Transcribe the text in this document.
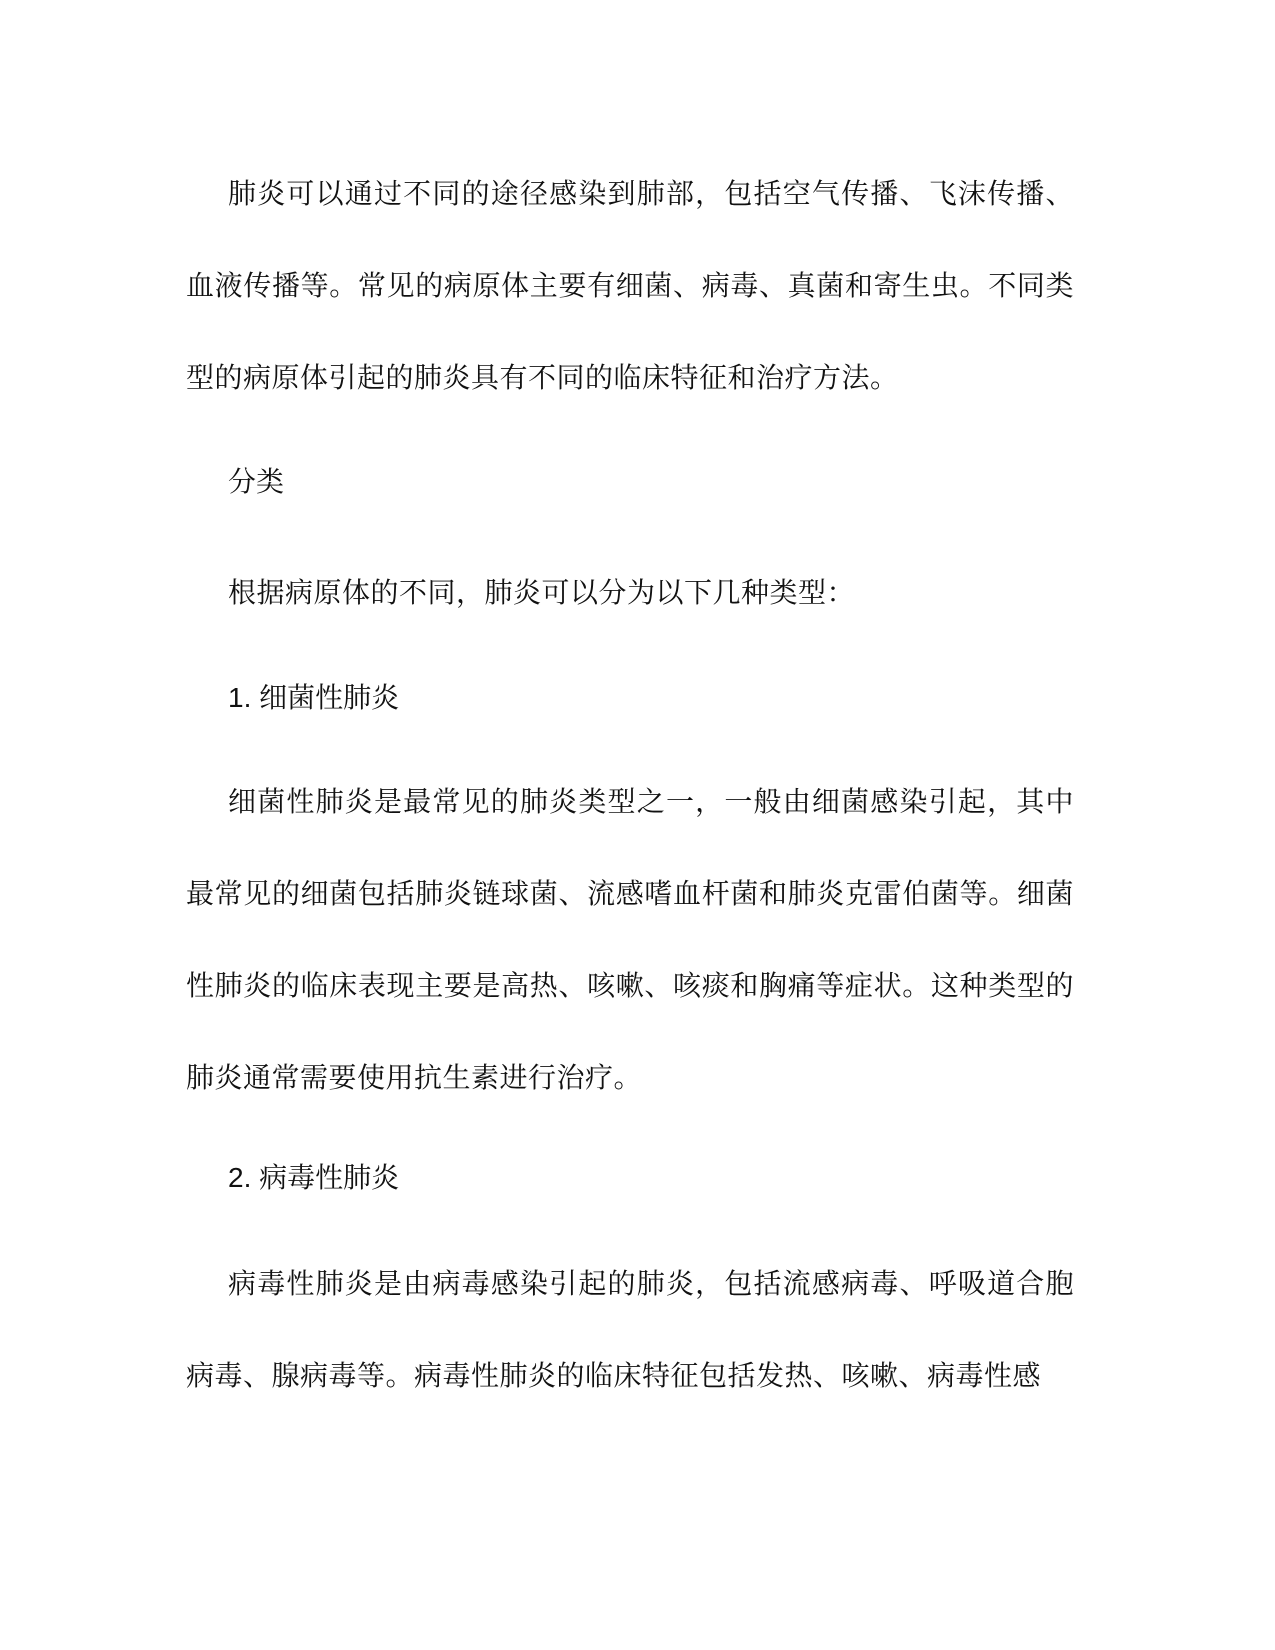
肺炎可以通过不同的途径感染到肺部，包括空气传播、飞沫传播、血液传播等。常见的病原体主要有细菌、病毒、真菌和寄生虫。不同类型的病原体引起的肺炎具有不同的临床特征和治疗方法。

分类

根据病原体的不同，肺炎可以分为以下几种类型：

1. 细菌性肺炎

细菌性肺炎是最常见的肺炎类型之一，一般由细菌感染引起，其中最常见的细菌包括肺炎链球菌、流感嗜血杆菌和肺炎克雷伯菌等。细菌性肺炎的临床表现主要是高热、咳嗽、咳痰和胸痛等症状。这种类型的肺炎通常需要使用抗生素进行治疗。

2. 病毒性肺炎

病毒性肺炎是由病毒感染引起的肺炎，包括流感病毒、呼吸道合胞病毒、腺病毒等。病毒性肺炎的临床特征包括发热、咳嗽、病毒性感
